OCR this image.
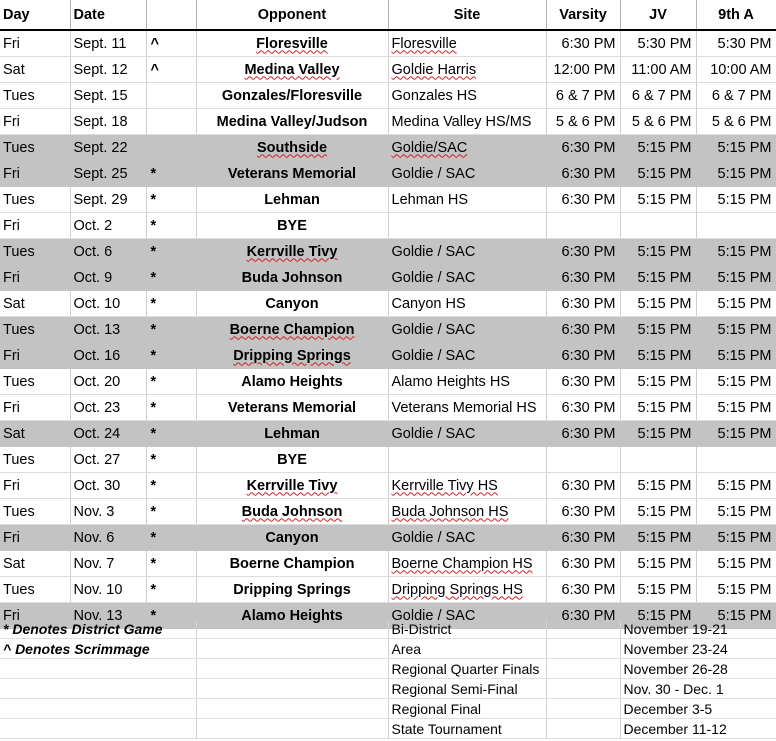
Day	Date		Opponent	Site	Varsity	JV	9th A
Fri	Sept. 11	^	Floresville	Floresville	6:30 PM	5:30 PM	5:30 PM
Sat	Sept. 12	^	Medina Valley	Goldie Harris	12:00 PM	11:00 AM	10:00 AM
Tues	Sept. 15		Gonzales/Floresville	Gonzales HS	6 & 7 PM	6 & 7 PM	6 & 7 PM
Fri	Sept. 18		Medina Valley/Judson	Medina Valley HS/MS	5 & 6 PM	5 & 6 PM	5 & 6 PM
Tues	Sept. 22		Southside	Goldie/SAC	6:30 PM	5:15 PM	5:15 PM
Fri	Sept. 25	*	Veterans Memorial	Goldie / SAC	6:30 PM	5:15 PM	5:15 PM
Tues	Sept. 29	*	Lehman	Lehman HS	6:30 PM	5:15 PM	5:15 PM
Fri	Oct. 2	*	BYE				
Tues	Oct. 6	*	Kerrville Tivy	Goldie / SAC	6:30 PM	5:15 PM	5:15 PM
Fri	Oct. 9	*	Buda Johnson	Goldie / SAC	6:30 PM	5:15 PM	5:15 PM
Sat	Oct. 10	*	Canyon	Canyon HS	6:30 PM	5:15 PM	5:15 PM
Tues	Oct. 13	*	Boerne Champion	Goldie / SAC	6:30 PM	5:15 PM	5:15 PM
Fri	Oct. 16	*	Dripping Springs	Goldie / SAC	6:30 PM	5:15 PM	5:15 PM
Tues	Oct. 20	*	Alamo Heights	Alamo Heights HS	6:30 PM	5:15 PM	5:15 PM
Fri	Oct. 23	*	Veterans Memorial	Veterans Memorial HS	6:30 PM	5:15 PM	5:15 PM
Sat	Oct. 24	*	Lehman	Goldie / SAC	6:30 PM	5:15 PM	5:15 PM
Tues	Oct. 27	*	BYE				
Fri	Oct. 30	*	Kerrville Tivy	Kerrville Tivy HS	6:30 PM	5:15 PM	5:15 PM
Tues	Nov. 3	*	Buda Johnson	Buda Johnson HS	6:30 PM	5:15 PM	5:15 PM
Fri	Nov. 6	*	Canyon	Goldie / SAC	6:30 PM	5:15 PM	5:15 PM
Sat	Nov. 7	*	Boerne Champion	Boerne Champion HS	6:30 PM	5:15 PM	5:15 PM
Tues	Nov. 10	*	Dripping Springs	Dripping Springs HS	6:30 PM	5:15 PM	5:15 PM
Fri	Nov. 13	*	Alamo Heights	Goldie / SAC	6:30 PM	5:15 PM	5:15 PM
* Denotes District Game		Bi-District		November 19-21
^ Denotes Scrimmage		Area		November 23-24
		Regional Quarter Finals		November 26-28
		Regional Semi-Final		Nov. 30 - Dec. 1
		Regional Final		December 3-5
		State Tournament		December 11-12
